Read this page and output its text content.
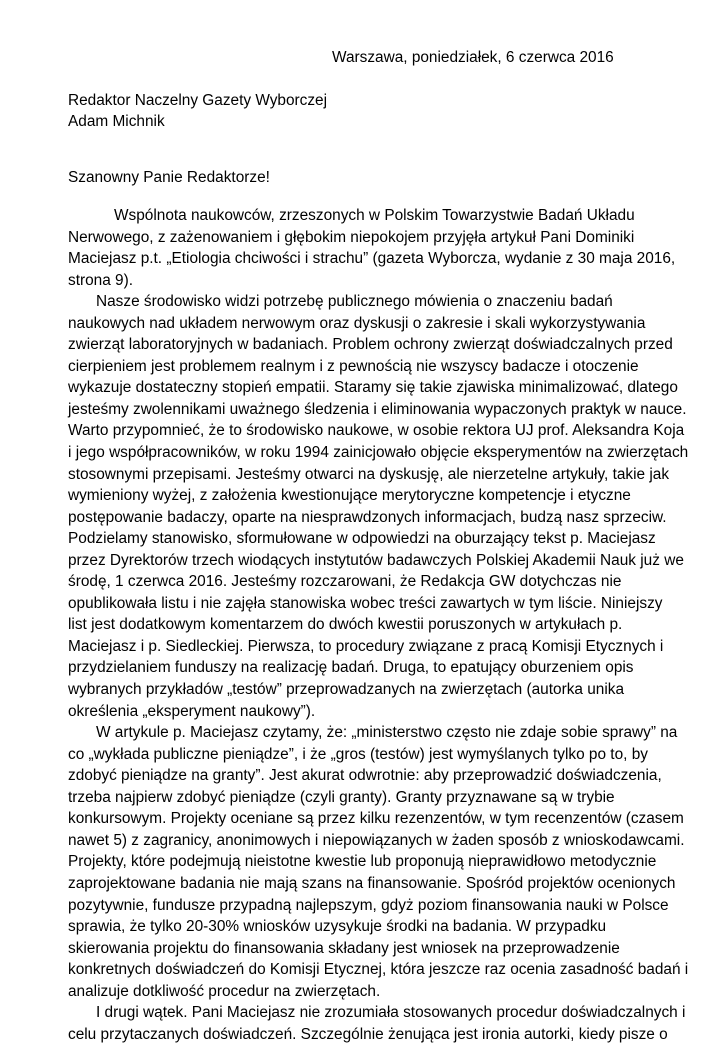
Warszawa, poniedziałek, 6 czerwca 2016
Redaktor Naczelny Gazety Wyborczej
Adam Michnik
Szanowny Panie Redaktorze!
Wspólnota naukowców, zrzeszonych w Polskim Towarzystwie Badań Układu
Nerwowego, z zażenowaniem i głębokim niepokojem przyjęła artykuł Pani Dominiki
Maciejasz p.t. „Etiologia chciwości i strachu” (gazeta Wyborcza, wydanie z 30 maja 2016,
strona 9).
Nasze środowisko widzi potrzebę publicznego mówienia o znaczeniu badań
naukowych nad układem nerwowym oraz dyskusji o zakresie i skali wykorzystywania
zwierząt laboratoryjnych w badaniach. Problem ochrony zwierząt doświadczalnych przed
cierpieniem jest problemem realnym i z pewnością nie wszyscy badacze i otoczenie
wykazuje dostateczny stopień empatii. Staramy się takie zjawiska minimalizować, dlatego
jesteśmy zwolennikami uważnego śledzenia i eliminowania wypaczonych praktyk w nauce.
Warto przypomnieć, że to środowisko naukowe, w osobie rektora UJ prof. Aleksandra Koja
i jego współpracowników, w roku 1994 zainicjowało objęcie eksperymentów na zwierzętach
stosownymi przepisami. Jesteśmy otwarci na dyskusję, ale nierzetelne artykuły, takie jak
wymieniony wyżej, z założenia kwestionujące merytoryczne kompetencje i etyczne
postępowanie badaczy, oparte na niesprawdzonych informacjach, budzą nasz sprzeciw.
Podzielamy stanowisko, sformułowane w odpowiedzi na oburzający tekst p. Maciejasz
przez Dyrektorów trzech wiodących instytutów badawczych Polskiej Akademii Nauk już we
środę, 1 czerwca 2016. Jesteśmy rozczarowani, że Redakcja GW dotychczas nie
opublikowała listu i nie zajęła stanowiska wobec treści zawartych w tym liście. Niniejszy
list jest dodatkowym komentarzem do dwóch kwestii poruszonych w artykułach p.
Maciejasz i p. Siedleckiej. Pierwsza, to procedury związane z pracą Komisji Etycznych i
przydzielaniem funduszy na realizację badań. Druga, to epatujący oburzeniem opis
wybranych przykładów „testów” przeprowadzanych na zwierzętach (autorka unika
określenia „eksperyment naukowy”).
W artykule p. Maciejasz czytamy, że: „ministerstwo często nie zdaje sobie sprawy” na
co „wykłada publiczne pieniądze”, i że „gros (testów) jest wymyślanych tylko po to, by
zdobyć pieniądze na granty”. Jest akurat odwrotnie: aby przeprowadzić doświadczenia,
trzeba najpierw zdobyć pieniądze (czyli granty). Granty przyznawane są w trybie
konkursowym. Projekty oceniane są przez kilku rezenzentów, w tym recenzentów (czasem
nawet 5) z zagranicy, anonimowych i niepowiązanych w żaden sposób z wnioskodawcami.
Projekty, które podejmują nieistotne kwestie lub proponują nieprawidłowo metodycznie
zaprojektowane badania nie mają szans na finansowanie. Spośród projektów ocenionych
pozytywnie, fundusze przypadną najlepszym, gdyż poziom finansowania nauki w Polsce
sprawia, że tylko 20-30% wniosków uzysykuje środki na badania. W przypadku
skierowania projektu do finansowania składany jest wniosek na przeprowadzenie
konkretnych doświadczeń do Komisji Etycznej, która jeszcze raz ocenia zasadność badań i
analizuje dotkliwość procedur na zwierzętach.
I drugi wątek. Pani Maciejasz nie zrozumiała stosowanych procedur doświadczalnych i
celu przytaczanych doświadczeń. Szczególnie żenująca jest ironia autorki, kiedy pisze o
